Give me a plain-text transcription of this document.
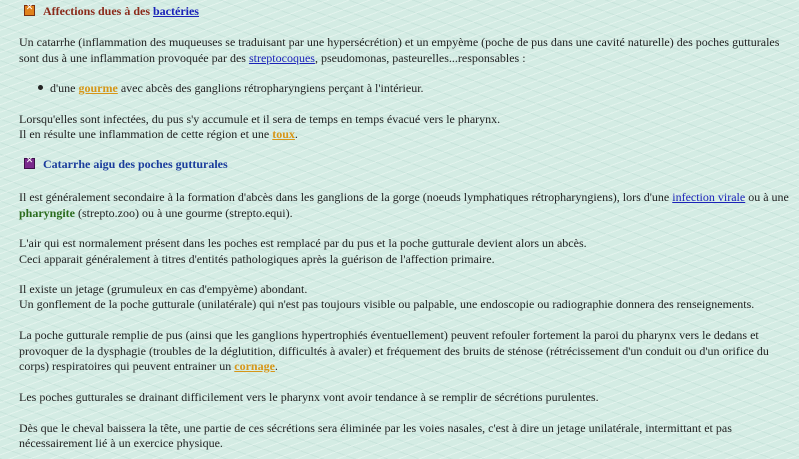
✕Affections dues à des bactéries
Un catarrhe (inflammation des muqueuses se traduisant par une hypersécrétion) et un empyème (poche de pus dans une cavité naturelle) des poches gutturales
sont dus à une inflammation provoquée par des streptocoques, pseudomonas, pasteurelles...responsables :
d'une gourme avec abcès des ganglions rétropharyngiens perçant à l'intérieur.
Lorsqu'elles sont infectées, du pus s'y accumule et il sera de temps en temps évacué vers le pharynx.
Il en résulte une inflammation de cette région et une toux.
✕Catarrhe aigu des poches gutturales
Il est généralement secondaire à la formation d'abcès dans les ganglions de la gorge (noeuds lymphatiques rétropharyngiens), lors d'une infection virale ou à une
pharyngite (strepto.zoo) ou à une gourme (strepto.equi).
L'air qui est normalement présent dans les poches est remplacé par du pus et la poche gutturale devient alors un abcès.
Ceci apparait généralement à titres d'entités pathologiques après la guérison de l'affection primaire.
Il existe un jetage (grumuleux en cas d'empyème) abondant.
Un gonflement de la poche gutturale (unilatérale) qui n'est pas toujours visible ou palpable, une endoscopie ou radiographie donnera des renseignements.
La poche gutturale remplie de pus (ainsi que les ganglions hypertrophiés éventuellement) peuvent refouler fortement la paroi du pharynx vers le dedans et
provoquer de la dysphagie (troubles de la déglutition, difficultés à avaler) et fréquement des bruits de sténose (rétrécissement d'un conduit ou d'un orifice du
corps) respiratoires qui peuvent entrainer un cornage.
Les poches gutturales se drainant difficilement vers le pharynx vont avoir tendance à se remplir de sécrétions purulentes.
Dès que le cheval baissera la tête, une partie de ces sécrétions sera éliminée par les voies nasales, c'est à dire un jetage unilatérale, intermittant et pas
nécessairement lié à un exercice physique.
